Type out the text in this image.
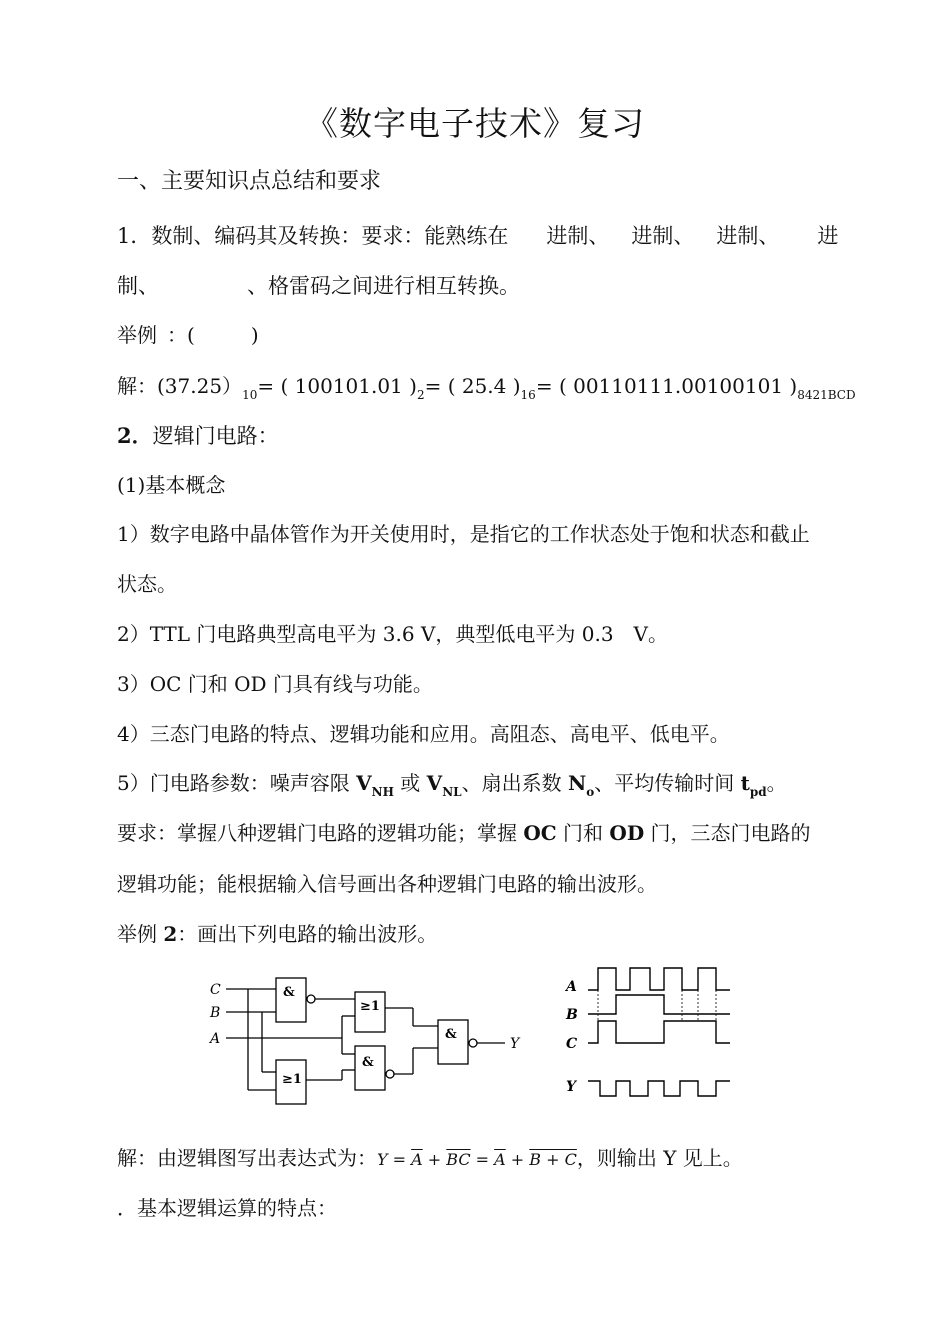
《数字电子技术》复习
一、主要知识点总结和要求
1．数制、编码其及转换：要求：能熟练在 进制、 进制、 进制、 进
制、	、格雷码之间进行相互转换。
举例 ：(	)
解：$(37.25)_{10}=$ ( 100101.01 )$_2=$ ( 25.4 )$_{16}=$ ( 00110111.00100101 )$_{8421BCD}$
2．逻辑门电路：
(1)基本概念
1）数字电路中晶体管作为开关使用时，是指它的工作状态处于饱和状态和截止
状态。
2）TTL 门电路典型高电平为 3.6 V，典型低电平为 0.3　V。
3）OC 门和 OD 门具有线与功能。
4）三态门电路的特点、逻辑功能和应用。高阻态、高电平、低电平。
5）门电路参数：噪声容限 $V_{NH}$ 或 $V_{NL}$、扇出系数 $N_o$、平均传输时间 $t_{pd}$。
要求：掌握八种逻辑门电路的逻辑功能；掌握 OC 门和 OD 门，三态门电路的
逻辑功能；能根据输入信号画出各种逻辑门电路的输出波形。
举例 2：画出下列电路的输出波形。
C
B
A	Y
&
≥1
≥1
&
&
A
B
C
Y
解：由逻辑图写出表达式为：$Y = \overline{A} + \overline{BC} = \overline{A} + B + C$，则输出 Y 见上。
．基本逻辑运算的特点：
